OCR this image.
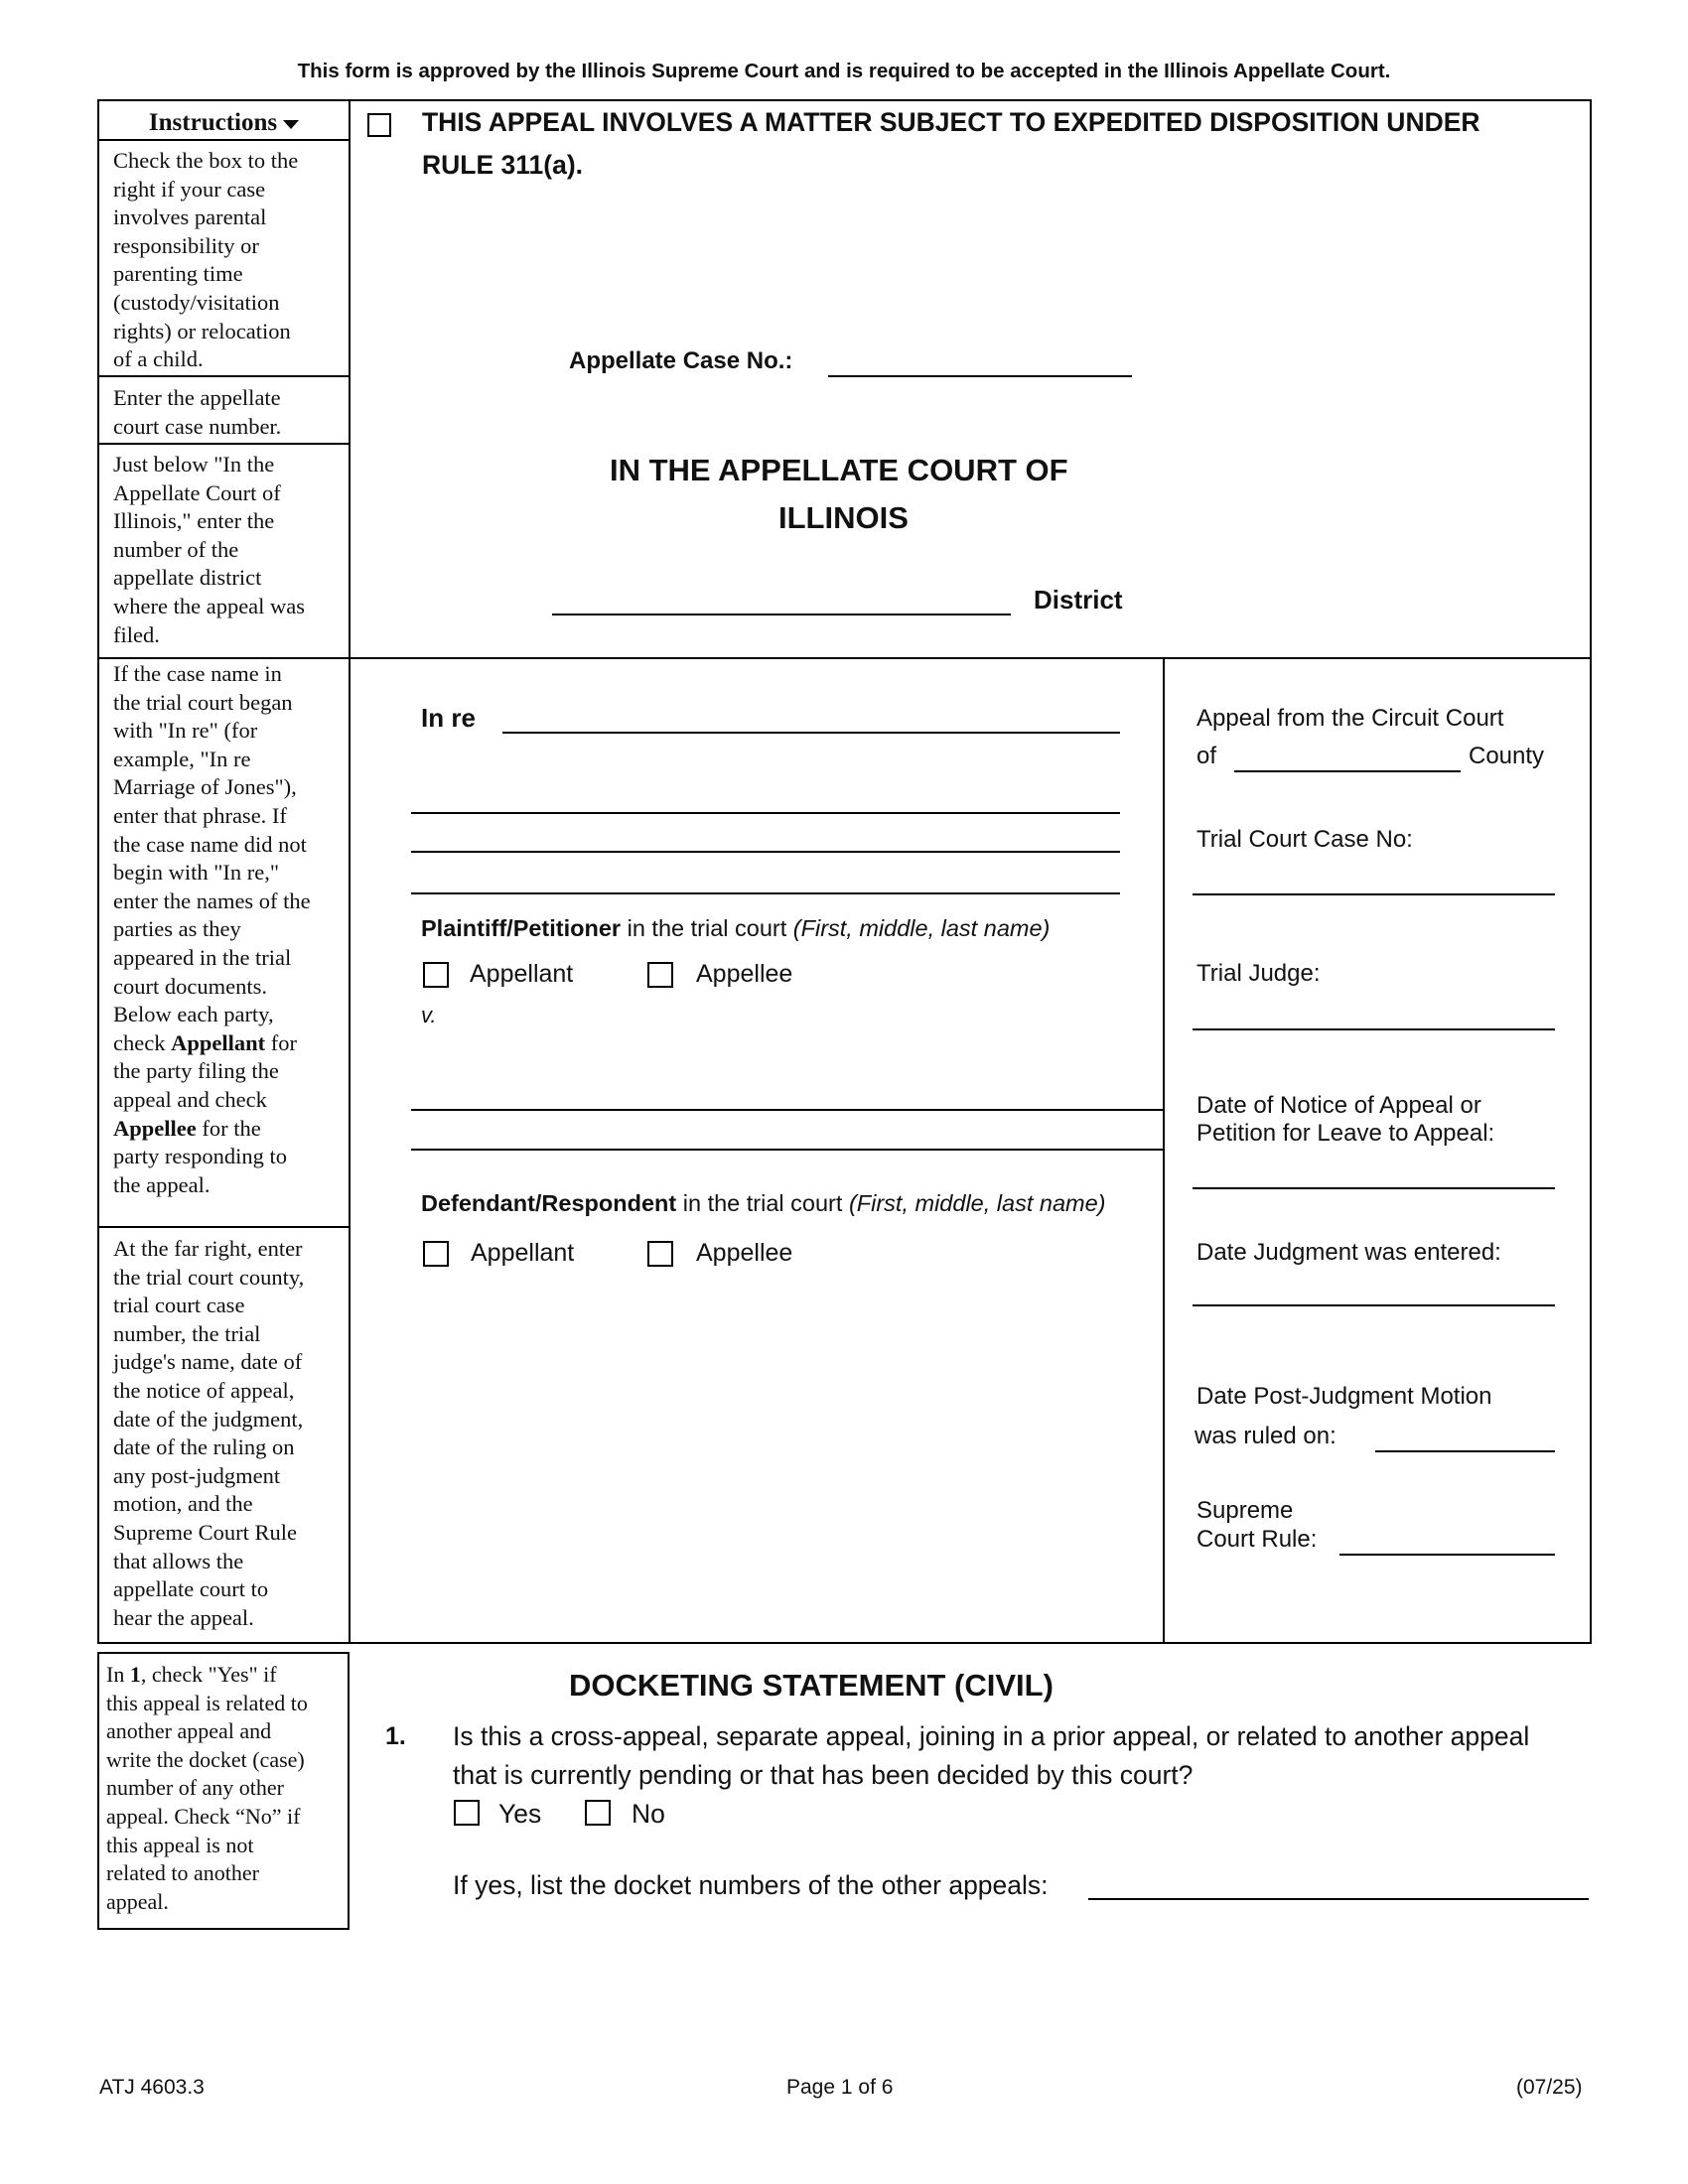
This form is approved by the Illinois Supreme Court and is required to be accepted in the Illinois Appellate Court.
Instructions
Check the box to the
right if your case
involves parental
responsibility or
parenting time
(custody/visitation
rights) or relocation
of a child.
Enter the appellate
court case number.
Just below "In the
Appellate Court of
Illinois," enter the
number of the
appellate district
where the appeal was
filed.
If the case name in
the trial court began
with "In re" (for
example, "In re
Marriage of Jones"),
enter that phrase. If
the case name did not
begin with "In re,"
enter the names of the
parties as they
appeared in the trial
court documents.
Below each party,
check Appellant for
the party filing the
appeal and check
Appellee for the
party responding to
the appeal.
At the far right, enter
the trial court county,
trial court case
number, the trial
judge's name, date of
the notice of appeal,
date of the judgment,
date of the ruling on
any post-judgment
motion, and the
Supreme Court Rule
that allows the
appellate court to
hear the appeal.
In 1, check "Yes" if
this appeal is related to
another appeal and
write the docket (case)
number of any other
appeal. Check “No” if
this appeal is not
related to another
appeal.
THIS APPEAL INVOLVES A MATTER SUBJECT TO EXPEDITED DISPOSITION UNDER
RULE 311(a).
Appellate Case No.:
IN THE APPELLATE COURT OF
ILLINOIS
District
In re
Plaintiff/Petitioner in the trial court (First, middle, last name)
Appellant	Appellee
v.
Defendant/Respondent in the trial court (First, middle, last name)
Appellant	Appellee
Appeal from the Circuit Court
of	County
Trial Court Case No:
Trial Judge:
Date of Notice of Appeal or
Petition for Leave to Appeal:
Date Judgment was entered:
Date Post-Judgment Motion
was ruled on:
Supreme
Court Rule:
DOCKETING STATEMENT (CIVIL)
1. Is this a cross-appeal, separate appeal, joining in a prior appeal, or related to another appeal
that is currently pending or that has been decided by this court?
Yes	No
If yes, list the docket numbers of the other appeals:
ATJ 4603.3	Page 1 of 6	(07/25)
